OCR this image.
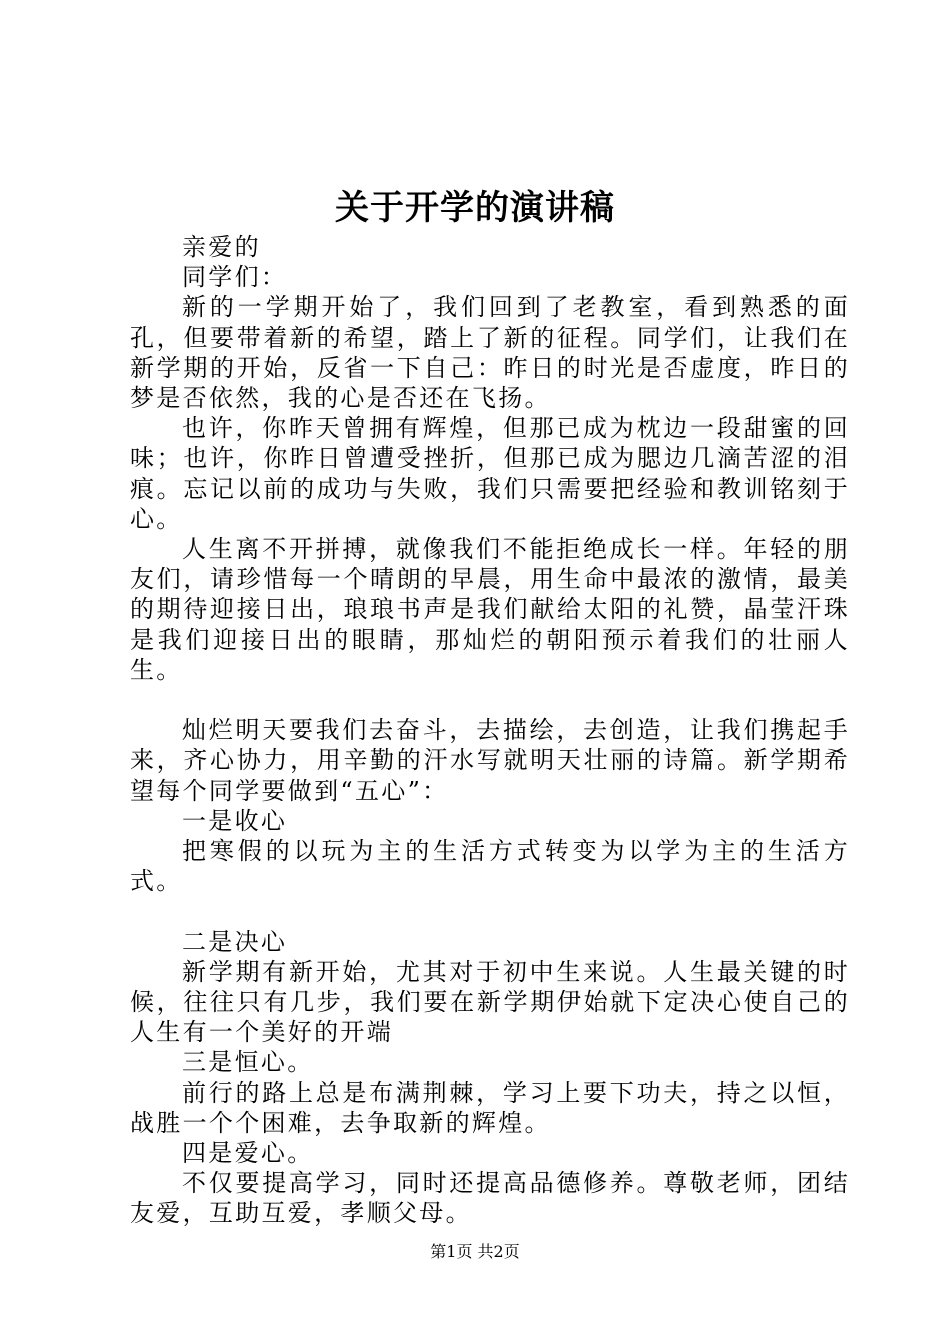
关于开学的演讲稿

亲爱的

同学们：

新的一学期开始了，我们回到了老教室，看到熟悉的面孔，但要带着新的希望，踏上了新的征程。同学们，让我们在新学期的开始，反省一下自己：昨日的时光是否虚度，昨日的梦是否依然，我的心是否还在飞扬。

也许，你昨天曾拥有辉煌，但那已成为枕边一段甜蜜的回味；也许，你昨日曾遭受挫折，但那已成为腮边几滴苦涩的泪痕。忘记以前的成功与失败，我们只需要把经验和教训铭刻于心。

人生离不开拼搏，就像我们不能拒绝成长一样。年轻的朋友们，请珍惜每一个晴朗的早晨，用生命中最浓的激情，最美的期待迎接日出，琅琅书声是我们献给太阳的礼赞，晶莹汗珠是我们迎接日出的眼睛，那灿烂的朝阳预示着我们的壮丽人生。

灿烂明天要我们去奋斗，去描绘，去创造，让我们携起手来，齐心协力，用辛勤的汗水写就明天壮丽的诗篇。新学期希望每个同学要做到“五心”：

一是收心

把寒假的以玩为主的生活方式转变为以学为主的生活方式。

二是决心

新学期有新开始，尤其对于初中生来说。人生最关键的时候，往往只有几步，我们要在新学期伊始就下定决心使自己的人生有一个美好的开端

三是恒心。

前行的路上总是布满荆棘，学习上要下功夫，持之以恒，战胜一个个困难，去争取新的辉煌。

四是爱心。

不仅要提高学习，同时还提高品德修养。尊敬老师，团结友爱，互助互爱，孝顺父母。

第1页 共2页
